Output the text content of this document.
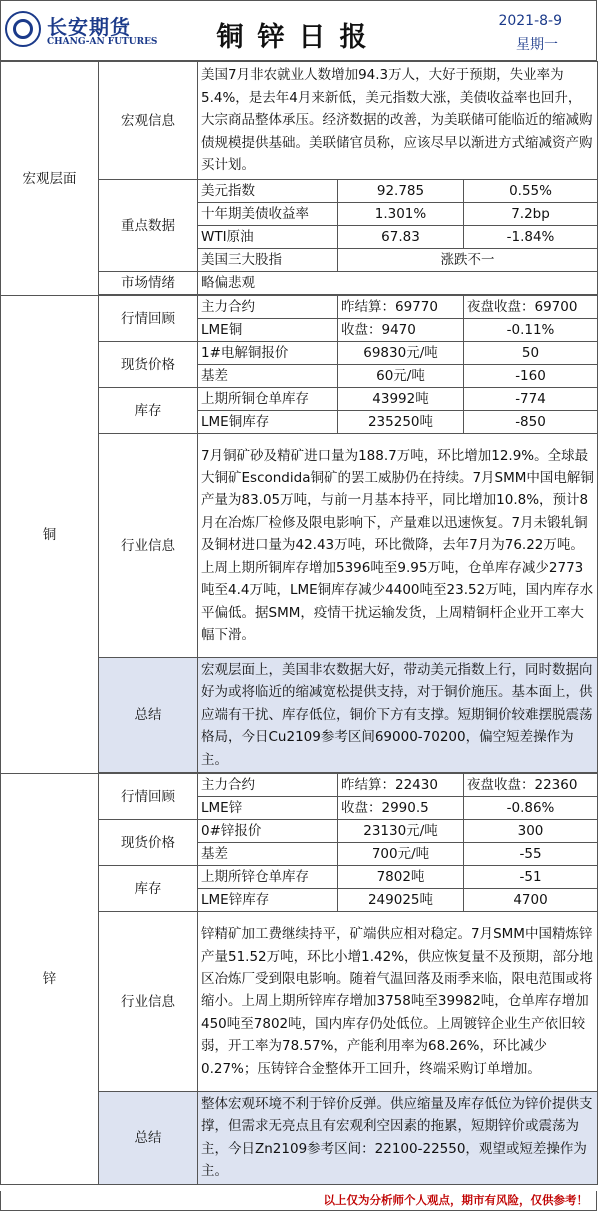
长安期货
CHANG-AN FUTURES	铜锌日报
2021-8-9
星期一
宏观层面	宏观信息	美国7月非农就业人数增加94.3万人，大好于预期，失业率为5.4%，是去年4月来新低，美元指数大涨，美债收益率也回升，大宗商品整体承压。经济数据的改善，为美联储可能临近的缩减购债规模提供基础。美联储官员称，应该尽早以渐进方式缩减资产购买计划。		
	重点数据	美元指数	92.785	0.55%
		十年期美债收益率	1.301%	7.2bp
		WTI原油	67.83	-1.84%
		美国三大股指	涨跌不一	
	市场情绪	略偏悲观		

铜	行情回顾	主力合约	昨结算：69770	夜盘收盘：69700
		LME铜	收盘：9470	-0.11%
	现货价格	1#电解铜报价	69830元/吨	50
		基差	60元/吨	-160
	库存	上期所铜仓单库存	43992吨	-774
		LME铜库存	235250吨	-850
	行业信息	7月铜矿砂及精矿进口量为188.7万吨，环比增加12.9%。全球最大铜矿Escondida铜矿的罢工威胁仍在持续。7月SMM中国电解铜产量为83.05万吨，与前一月基本持平，同比增加10.8%，预计8月在冶炼厂检修及限电影响下，产量难以迅速恢复。7月未锻轧铜及铜材进口量为42.43万吨，环比微降，去年7月为76.22万吨。上周上期所铜库存增加5396吨至9.95万吨，仓单库存减少2773吨至4.4万吨，LME铜库存减少4400吨至23.52万吨，国内库存水平偏低。据SMM，疫情干扰运输发货，上周精铜杆企业开工率大幅下滑。		
	总结	宏观层面上，美国非农数据大好，带动美元指数上行，同时数据向好为或将临近的缩减宽松提供支持，对于铜价施压。基本面上，供应端有干扰、库存低位，铜价下方有支撑。短期铜价较难摆脱震荡格局，今日Cu2109参考区间69000-70200，偏空短差操作为主。		

锌	行情回顾	主力合约	昨结算：22430	夜盘收盘：22360
		LME锌	收盘：2990.5	-0.86%
	现货价格	0#锌报价	23130元/吨	300
		基差	700元/吨	-55
	库存	上期所锌仓单库存	7802吨	-51
		LME锌库存	249025吨	4700
	行业信息	锌精矿加工费继续持平，矿端供应相对稳定。7月SMM中国精炼锌产量51.52万吨，环比小增1.42%，供应恢复量不及预期，部分地区冶炼厂受到限电影响。随着气温回落及雨季来临，限电范围或将缩小。上周上期所锌库存增加3758吨至39982吨，仓单库存增加450吨至7802吨，国内库存仍处低位。上周镀锌企业生产依旧较弱，开工率为78.57%，产能利用率为68.26%，环比减少0.27%；压铸锌合金整体开工回升，终端采购订单增加。		
	总结	整体宏观环境不利于锌价反弹。供应缩量及库存低位为锌价提供支撑，但需求无亮点且有宏观利空因素的拖累，短期锌价或震荡为主，今日Zn2109参考区间：22100-22550，观望或短差操作为主。		

以上仅为分析师个人观点，期市有风险，仅供参考！
